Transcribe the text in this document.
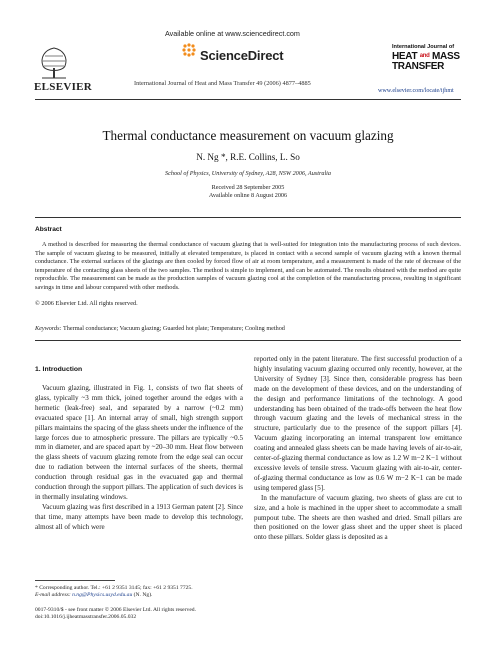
Available online at www.sciencedirect.com
ScienceDirect
ELSEVIER	International Journal of Heat and Mass Transfer 49 (2006) 4877–4885
International Journal of
HEAT $^{and}$ MASS
TRANSFER
www.elsevier.com/locate/ijhmt
Thermal conductance measurement on vacuum glazing
N. Ng *, R.E. Collins, L. So
School of Physics, University of Sydney, A28, NSW 2006, Australia
Received 28 September 2005
Available online 8 August 2006
Abstract
A method is described for measuring the thermal conductance of vacuum glazing that is well-suited for integration into the manufacturing process of such devices. The sample of vacuum glazing to be measured, initially at elevated temperature, is placed in contact with a second sample of vacuum glazing with a known thermal conductance. The external surfaces of the glazings are then cooled by forced flow of air at room temperature, and a measurement is made of the rate of decrease of the temperature of the contacting glass sheets of the two samples. The method is simple to implement, and can be automated. The results obtained with the method are quite reproducible. The measurement can be made as the production samples of vacuum glazing cool at the completion of the manufacturing process, resulting in significant savings in time and labour compared with other methods.
© 2006 Elsevier Ltd. All rights reserved.
Keywords: Thermal conductance; Vacuum glazing; Guarded hot plate; Temperature; Cooling method
1. Introduction

Vacuum glazing, illustrated in Fig. 1, consists of two flat sheets of glass, typically ~3 mm thick, joined together around the edges with a hermetic (leak-free) seal, and separated by a narrow (~0.2 mm) evacuated space [1]. An internal array of small, high strength support pillars maintains the spacing of the glass sheets under the influence of the large forces due to atmospheric pressure. The pillars are typically ~0.5 mm in diameter, and are spaced apart by ~20–30 mm. Heat flow between the glass sheets of vacuum glazing remote from the edge seal can occur due to radiation between the internal surfaces of the sheets, thermal conduction through residual gas in the evacuated gap and thermal conduction through the support pillars. The application of such devices is in thermally insulating windows.

Vacuum glazing was first described in a 1913 German patent [2]. Since that time, many attempts have been made to develop this technology, almost all of which were

reported only in the patent literature. The first successful production of a highly insulating vacuum glazing occurred only recently, however, at the University of Sydney [3]. Since then, considerable progress has been made on the development of these devices, and on the understanding of the design and performance limitations of the technology. A good understanding has been obtained of the trade-offs between the heat flow through vacuum glazing and the levels of mechanical stress in the structure, particularly due to the presence of the support pillars [4]. Vacuum glazing incorporating an internal transparent low emittance coating and annealed glass sheets can be made having levels of air-to-air, center-of-glazing thermal conductance as low as 1.2 W m−2 K−1 without excessive levels of tensile stress. Vacuum glazing with air-to-air, center-of-glazing thermal conductance as low as 0.6 W m−2 K−1 can be made using tempered glass [5].

In the manufacture of vacuum glazing, two sheets of glass are cut to size, and a hole is machined in the upper sheet to accommodate a small pumpout tube. The sheets are then washed and dried. Small pillars are then positioned on the lower glass sheet and the upper sheet is placed onto these pillars. Solder glass is deposited as a

* Corresponding author. Tel.: +61 2 9351 3145; fax: +61 2 9351 7725.
E-mail address: n.ng@Physics.usyd.edu.au (N. Ng).
0017-9310/$ - see front matter © 2006 Elsevier Ltd. All rights reserved.
doi:10.1016/j.ijheatmasstransfer.2006.05.032
